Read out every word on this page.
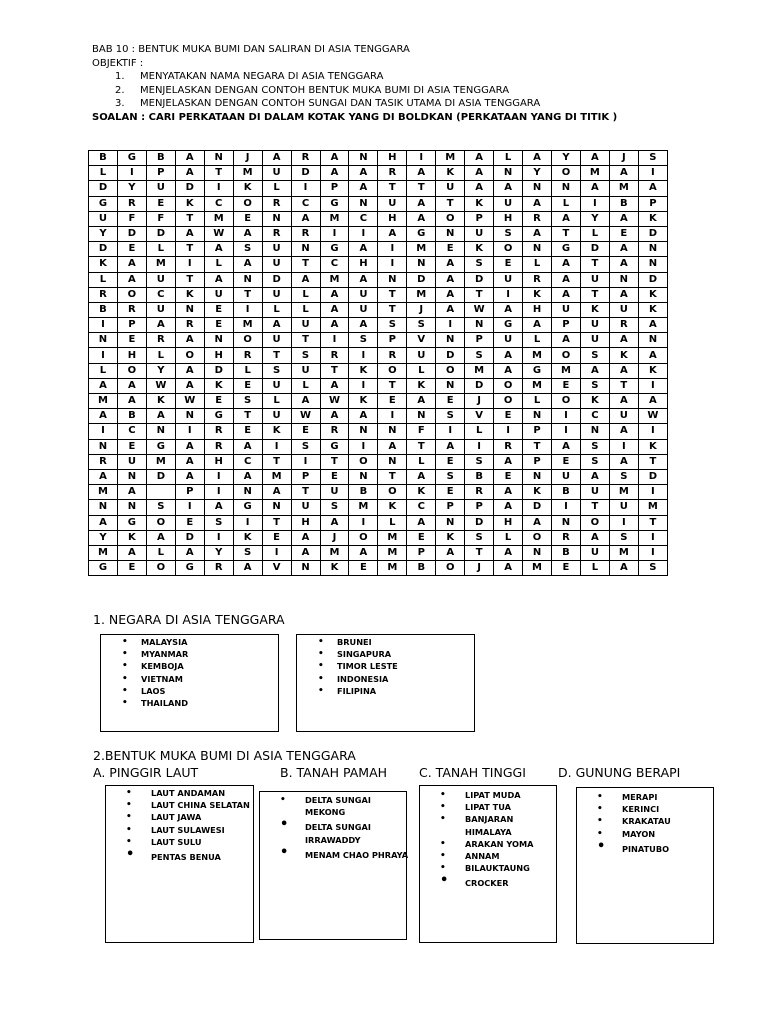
BAB 10 : BENTUK MUKA BUMI DAN SALIRAN DI ASIA TENGGARA
OBJEKTIF :
1. MENYATAKAN NAMA NEGARA DI ASIA TENGGARA
2. MENJELASKAN DENGAN CONTOH BENTUK MUKA BUMI DI ASIA TENGGARA
3. MENJELASKAN DENGAN CONTOH SUNGAI DAN TASIK UTAMA DI ASIA TENGGARA
SOALAN : CARI PERKATAAN DI DALAM KOTAK YANG DI BOLDKAN (PERKATAAN YANG DI TITIK )
B	G	B	A	N	J	A	R	A	N	H	I	M	A	L	A	Y	A	J	S
L	I	P	A	T	M	U	D	A	A	R	A	K	A	N	Y	O	M	A	I
D	Y	U	D	I	K	L	I	P	A	T	T	U	A	A	N	N	A	M	A
G	R	E	K	C	O	R	C	G	N	U	A	T	K	U	A	L	I	B	P
U	F	F	T	M	E	N	A	M	C	H	A	O	P	H	R	A	Y	A	K
Y	D	D	A	W	A	R	R	I	I	A	G	N	U	S	A	T	L	E	D
D	E	L	T	A	S	U	N	G	A	I	M	E	K	O	N	G	D	A	N
K	A	M	I	L	A	U	T	C	H	I	N	A	S	E	L	A	T	A	N
L	A	U	T	A	N	D	A	M	A	N	D	A	D	U	R	A	U	N	D
R	O	C	K	U	T	U	L	A	U	T	M	A	T	I	K	A	T	A	K
B	R	U	N	E	I	L	L	A	U	T	J	A	W	A	H	U	K	U	K
I	P	A	R	E	M	A	U	A	A	S	S	I	N	G	A	P	U	R	A
N	E	R	A	N	O	U	T	I	S	P	V	N	P	U	L	A	U	A	N
I	H	L	O	H	R	T	S	R	I	R	U	D	S	A	M	O	S	K	A
L	O	Y	A	D	L	S	U	T	K	O	L	O	M	A	G	M	A	A	K
A	A	W	A	K	E	U	L	A	I	T	K	N	D	O	M	E	S	T	I
M	A	K	W	E	S	L	A	W	K	E	A	E	J	O	L	O	K	A	A
A	B	A	N	G	T	U	W	A	A	I	N	S	V	E	N	I	C	U	W
I	C	N	I	R	E	K	E	R	N	N	F	I	L	I	P	I	N	A	I
N	E	G	A	R	A	I	S	G	I	A	T	A	I	R	T	A	S	I	K
R	U	M	A	H	C	T	I	T	O	N	L	E	S	A	P	E	S	A	T
A	N	D	A	I	A	M	P	E	N	T	A	S	B	E	N	U	A	S	D
M	A		P	I	N	A	T	U	B	O	K	E	R	A	K	B	U	M	I
N	N	S	I	A	G	N	U	S	M	K	C	P	P	A	D	I	T	U	M
A	G	O	E	S	I	T	H	A	I	L	A	N	D	H	A	N	O	I	T
Y	K	A	D	I	K	E	A	J	O	M	E	K	S	L	O	R	A	S	I
M	A	L	A	Y	S	I	A	M	A	M	P	A	T	A	N	B	U	M	I
G	E	O	G	R	A	V	N	K	E	M	B	O	J	A	M	E	L	A	S
1. NEGARA DI ASIA TENGGARA
• MALAYSIA
• MYANMAR
• KEMBOJA
• VIETNAM
• LAOS
• THAILAND
• BRUNEI
• SINGAPURA
• TIMOR LESTE
• INDONESIA
• FILIPINA
2.BENTUK MUKA BUMI DI ASIA TENGGARA
A. PINGGIR LAUT	B. TANAH PAMAH	C. TANAH TINGGI	D. GUNUNG BERAPI
• LAUT ANDAMAN
• LAUT CHINA SELATAN
• LAUT JAWA
• LAUT SULAWESI
• LAUT SULU
• PENTAS BENUA
• DELTA SUNGAI
MEKONG
• DELTA SUNGAI
IRRAWADDY
• MENAM CHAO PHRAYA
• LIPAT MUDA
• LIPAT TUA
• BANJARAN
HIMALAYA
• ARAKAN YOMA
• ANNAM
• BILAUKTAUNG
• CROCKER
• MERAPI
• KERINCI
• KRAKATAU
• MAYON
• PINATUBO
